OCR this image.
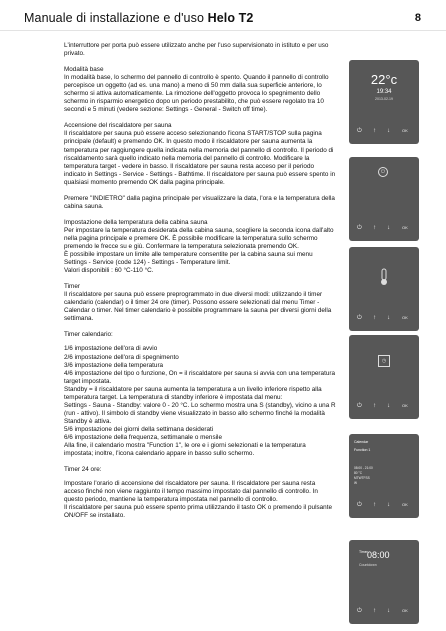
Manuale di installazione e d'uso Helo T2	8

L'interruttore per porta può essere utilizzato anche per l'uso supervisionato in istituto e per uso privato.

Modalità base

In modalità base, lo schermo del pannello di controllo è spento. Quando il pannello di controllo percepisce un oggetto (ad es. una mano) a meno di 50 mm dalla sua superficie anteriore, lo schermo si attiva automaticamente. La rimozione dell'oggetto provoca lo spegnimento dello schermo in risparmio energetico dopo un periodo prestabilito, che può essere regolato tra 10 secondi e 5 minuti (vedere sezione: Settings - General - Switch off time).

Accensione del riscaldatore per sauna

Il riscaldatore per sauna può essere acceso selezionando l'icona START/STOP sulla pagina principale (default) e premendo OK. In questo modo il riscaldatore per sauna aumenta la temperatura per raggiungere quella indicata nella memoria del pannello di controllo. Il periodo di riscaldamento sarà quello indicato nella memoria del pannello di controllo. Modificare la temperatura target - vedere in basso. Il riscaldatore per sauna resta acceso per il periodo indicato in Settings - Service - Settings - Bathtime. Il riscaldatore per sauna può essere spento in qualsiasi momento premendo OK dalla pagina principale.

Premere "INDIETRO" dalla pagina principale per visualizzare la data, l'ora e la temperatura della cabina sauna.

Impostazione della temperatura della cabina sauna

Per impostare la temperatura desiderata della cabina sauna, scegliere la seconda icona dall'alto nella pagina principale e premere OK. È possibile modificare la temperatura sullo schermo premendo le frecce su e giù. Confermare la temperatura selezionata premendo OK.

È possibile impostare un limite alle temperature consentite per la cabina sauna sui menu Settings - Service (code 124) - Settings - Temperature limit.

Valori disponibili : 60 °C-110 °C.

Timer

Il riscaldatore per sauna può essere preprogrammato in due diversi modi: utilizzando il timer calendario (calendar) o il timer 24 ore (timer). Possono essere selezionati dal menu Timer - Calendar o timer. Nel timer calendario è possibile programmare la sauna per diversi giorni della settimana.

Timer calendario:

1/6 impostazione dell'ora di avvio

2/6 impostazione dell'ora di spegnimento

3/6 impostazione della temperatura

4/6 impostazione del tipo o funzione, On = il riscaldatore per sauna si avvia con una temperatura target impostata.

Standby = il riscaldatore per sauna aumenta la temperatura a un livello inferiore rispetto alla temperatura target. La temperatura di standby inferiore è impostata dal menu:

Settings - Sauna - Standby: valore 0 - 20 °C. Lo schermo mostra una S (standby), vicino a una R (run - attivo). Il simbolo di standby viene visualizzato in basso allo schermo finché la modalità Standby è attiva.

5/6 impostazione dei giorni della settimana desiderati

6/6 impostazione della frequenza, settimanale o mensile

Alla fine, il calendario mostra "Function 1", le ore e i giorni selezionati e la temperatura impostata; inoltre, l'icona calendario appare in basso sullo schermo.

Timer 24 ore:

Impostare l'orario di accensione del riscaldatore per sauna. Il riscaldatore per sauna resta acceso finché non viene raggiunto il tempo massimo impostato dal pannello di controllo. In questo periodo, mantiene la temperatura impostata nel pannello di controllo.

Il riscaldatore per sauna può essere spento prima utilizzando il tasto OK o premendo il pulsante ON/OFF se installato.

22°c
19:34
2013-02-19
⏻ ↑ ↓	OK
⏻
⏻ ↑ ↓	OK
⏻ ↑ ↓	OK
◷
⏻ ↑ ↓	OK
Calendar
Function 1
08:00 - 21:00
80 °C
MTWTFSS
W
⏻ ↑ ↓	OK
Timer 08:00
Countdown
⏻ ↑ ↓	OK
